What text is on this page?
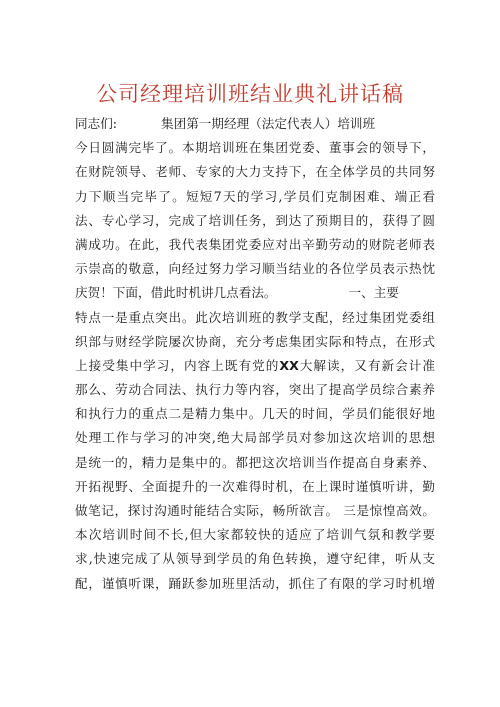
公司经理培训班结业典礼讲话稿
同志们:	集团第一期经理（法定代表人）培训班
今日圆满完毕了。本期培训班在集团党委、董事会的领导下，
在财院领导、老师、专家的大力支持下，在全体学员的共同努
力下顺当完毕了。短短7天的学习,学员们克制困难、端正看
法、专心学习，完成了培训任务，到达了预期目的，获得了圆
满成功。在此，我代表集团党委应对出辛勤劳动的财院老师表
示崇高的敬意，向经过努力学习顺当结业的各位学员表示热忱
庆贺！下面，借此时机讲几点看法。	一、主要
特点一是重点突出。此次培训班的教学支配，经过集团党委组
织部与财经学院屡次协商，充分考虑集团实际和特点，在形式
上接受集中学习，内容上既有党的XX大解读，又有新会计准
那么、劳动合同法、执行力等内容，突出了提高学员综合素养
和执行力的重点二是精力集中。几天的时间，学员们能很好地
处理工作与学习的冲突,绝大局部学员对参加这次培训的思想
是统一的，精力是集中的。都把这次培训当作提高自身素养、
开拓视野、全面提升的一次难得时机，在上课时谨慎听讲，勤
做笔记，探讨沟通时能结合实际，畅所欲言。 三是惊惶高效。
本次培训时间不长,但大家都较快的适应了培训气氛和教学要
求,快速完成了从领导到学员的角色转换，遵守纪律，听从支
配，谨慎听课，踊跃参加班里活动，抓住了有限的学习时机增
